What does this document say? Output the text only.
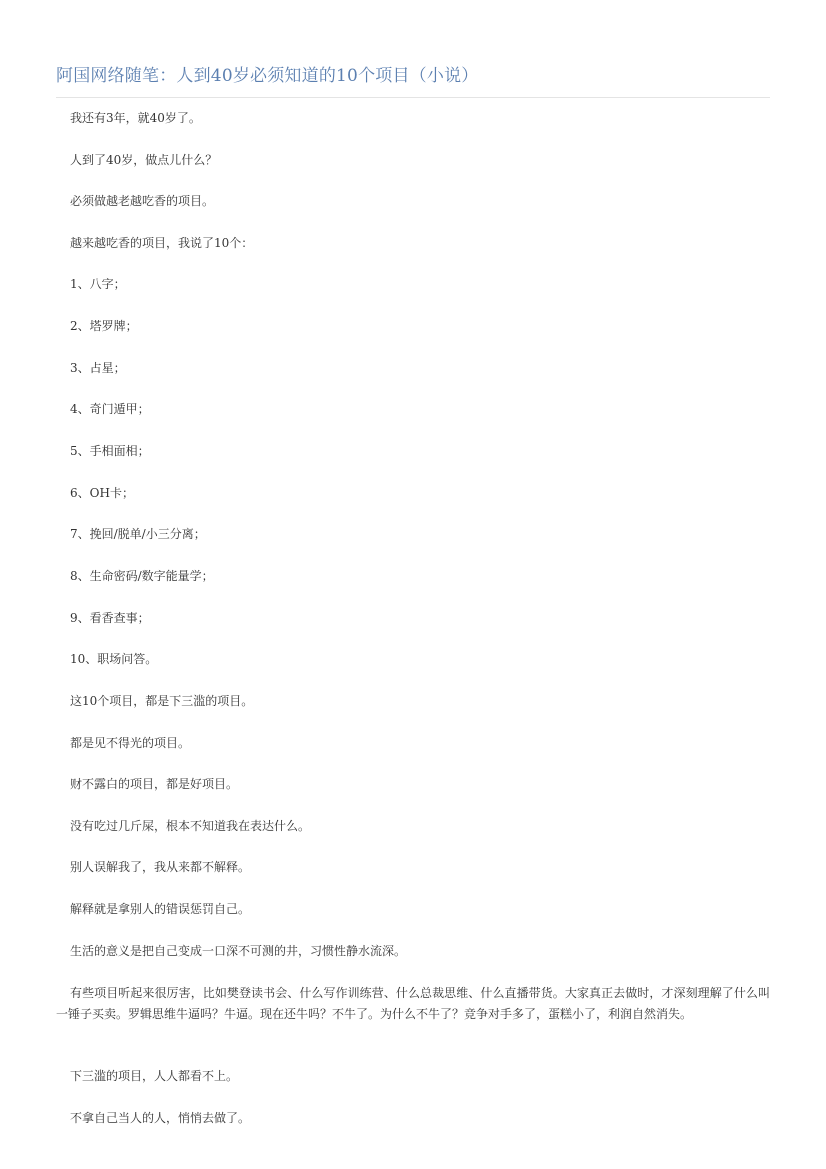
阿国网络随笔：人到40岁必须知道的10个项目（小说）

我还有3年，就40岁了。

人到了40岁，做点儿什么？

必须做越老越吃香的项目。

越来越吃香的项目，我说了10个：

1、八字；

2、塔罗牌；

3、占星；

4、奇门遁甲；

5、手相面相；

6、OH卡；

7、挽回/脱单/小三分离；

8、生命密码/数字能量学；

9、看香查事；

10、职场问答。

这10个项目，都是下三滥的项目。

都是见不得光的项目。

财不露白的项目，都是好项目。

没有吃过几斤屎，根本不知道我在表达什么。

别人误解我了，我从来都不解释。

解释就是拿别人的错误惩罚自己。

生活的意义是把自己变成一口深不可测的井，习惯性静水流深。

有些项目听起来很厉害，比如樊登读书会、什么写作训练营、什么总裁思维、什么直播带货。大家真正去做时，才深刻理解了什么叫一锤子买卖。罗辑思维牛逼吗？牛逼。现在还牛吗？不牛了。为什么不牛了？竞争对手多了，蛋糕小了，利润自然消失。

下三滥的项目，人人都看不上。

不拿自己当人的人，悄悄去做了。
